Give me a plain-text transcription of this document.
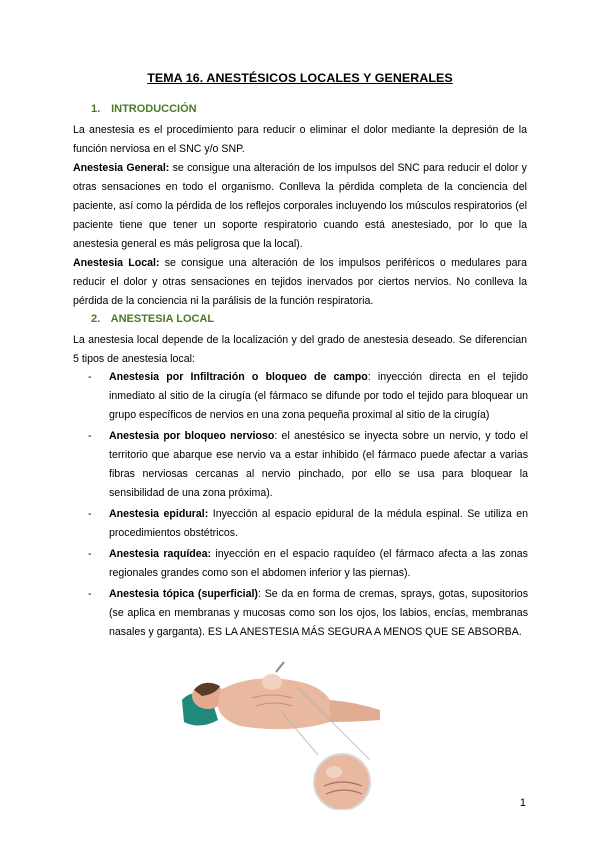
TEMA 16. ANESTÉSICOS LOCALES Y GENERALES
1. INTRODUCCIÓN
La anestesia es el procedimiento para reducir o eliminar el dolor mediante la depresión de la función nerviosa en el SNC y/o SNP.
Anestesia General: se consigue una alteración de los impulsos del SNC para reducir el dolor y otras sensaciones en todo el organismo. Conlleva la pérdida completa de la conciencia del paciente, así como la pérdida de los reflejos corporales incluyendo los músculos respiratorios (el paciente tiene que tener un soporte respiratorio cuando está anestesiado, por lo que la anestesia general es más peligrosa que la local).
Anestesia Local: se consigue una alteración de los impulsos periféricos o medulares para reducir el dolor y otras sensaciones en tejidos inervados por ciertos nervios. No conlleva la pérdida de la conciencia ni la parálisis de la función respiratoria.
2. ANESTESIA LOCAL
La anestesia local depende de la localización y del grado de anestesia deseado. Se diferencian 5 tipos de anestesia local:
- Anestesia por Infiltración o bloqueo de campo: inyección directa en el tejido inmediato al sitio de la cirugía (el fármaco se difunde por todo el tejido para bloquear un grupo específicos de nervios en una zona pequeña proximal al sitio de la cirugía)
- Anestesia por bloqueo nervioso: el anestésico se inyecta sobre un nervio, y todo el territorio que abarque ese nervio va a estar inhibido (el fármaco puede afectar a varias fibras nerviosas cercanas al nervio pinchado, por ello se usa para bloquear la sensibilidad de una zona próxima).
- Anestesia epidural: Inyección al espacio epidural de la médula espinal. Se utiliza en procedimientos obstétricos.
- Anestesia raquídea: inyección en el espacio raquídeo (el fármaco afecta a las zonas regionales grandes como son el abdomen inferior y las piernas).
- Anestesia tópica (superficial): Se da en forma de cremas, sprays, gotas, supositorios (se aplica en membranas y mucosas como son los ojos, los labios, encías, membranas nasales y garganta). ES LA ANESTESIA MÁS SEGURA A MENOS QUE SE ABSORBA.
1
